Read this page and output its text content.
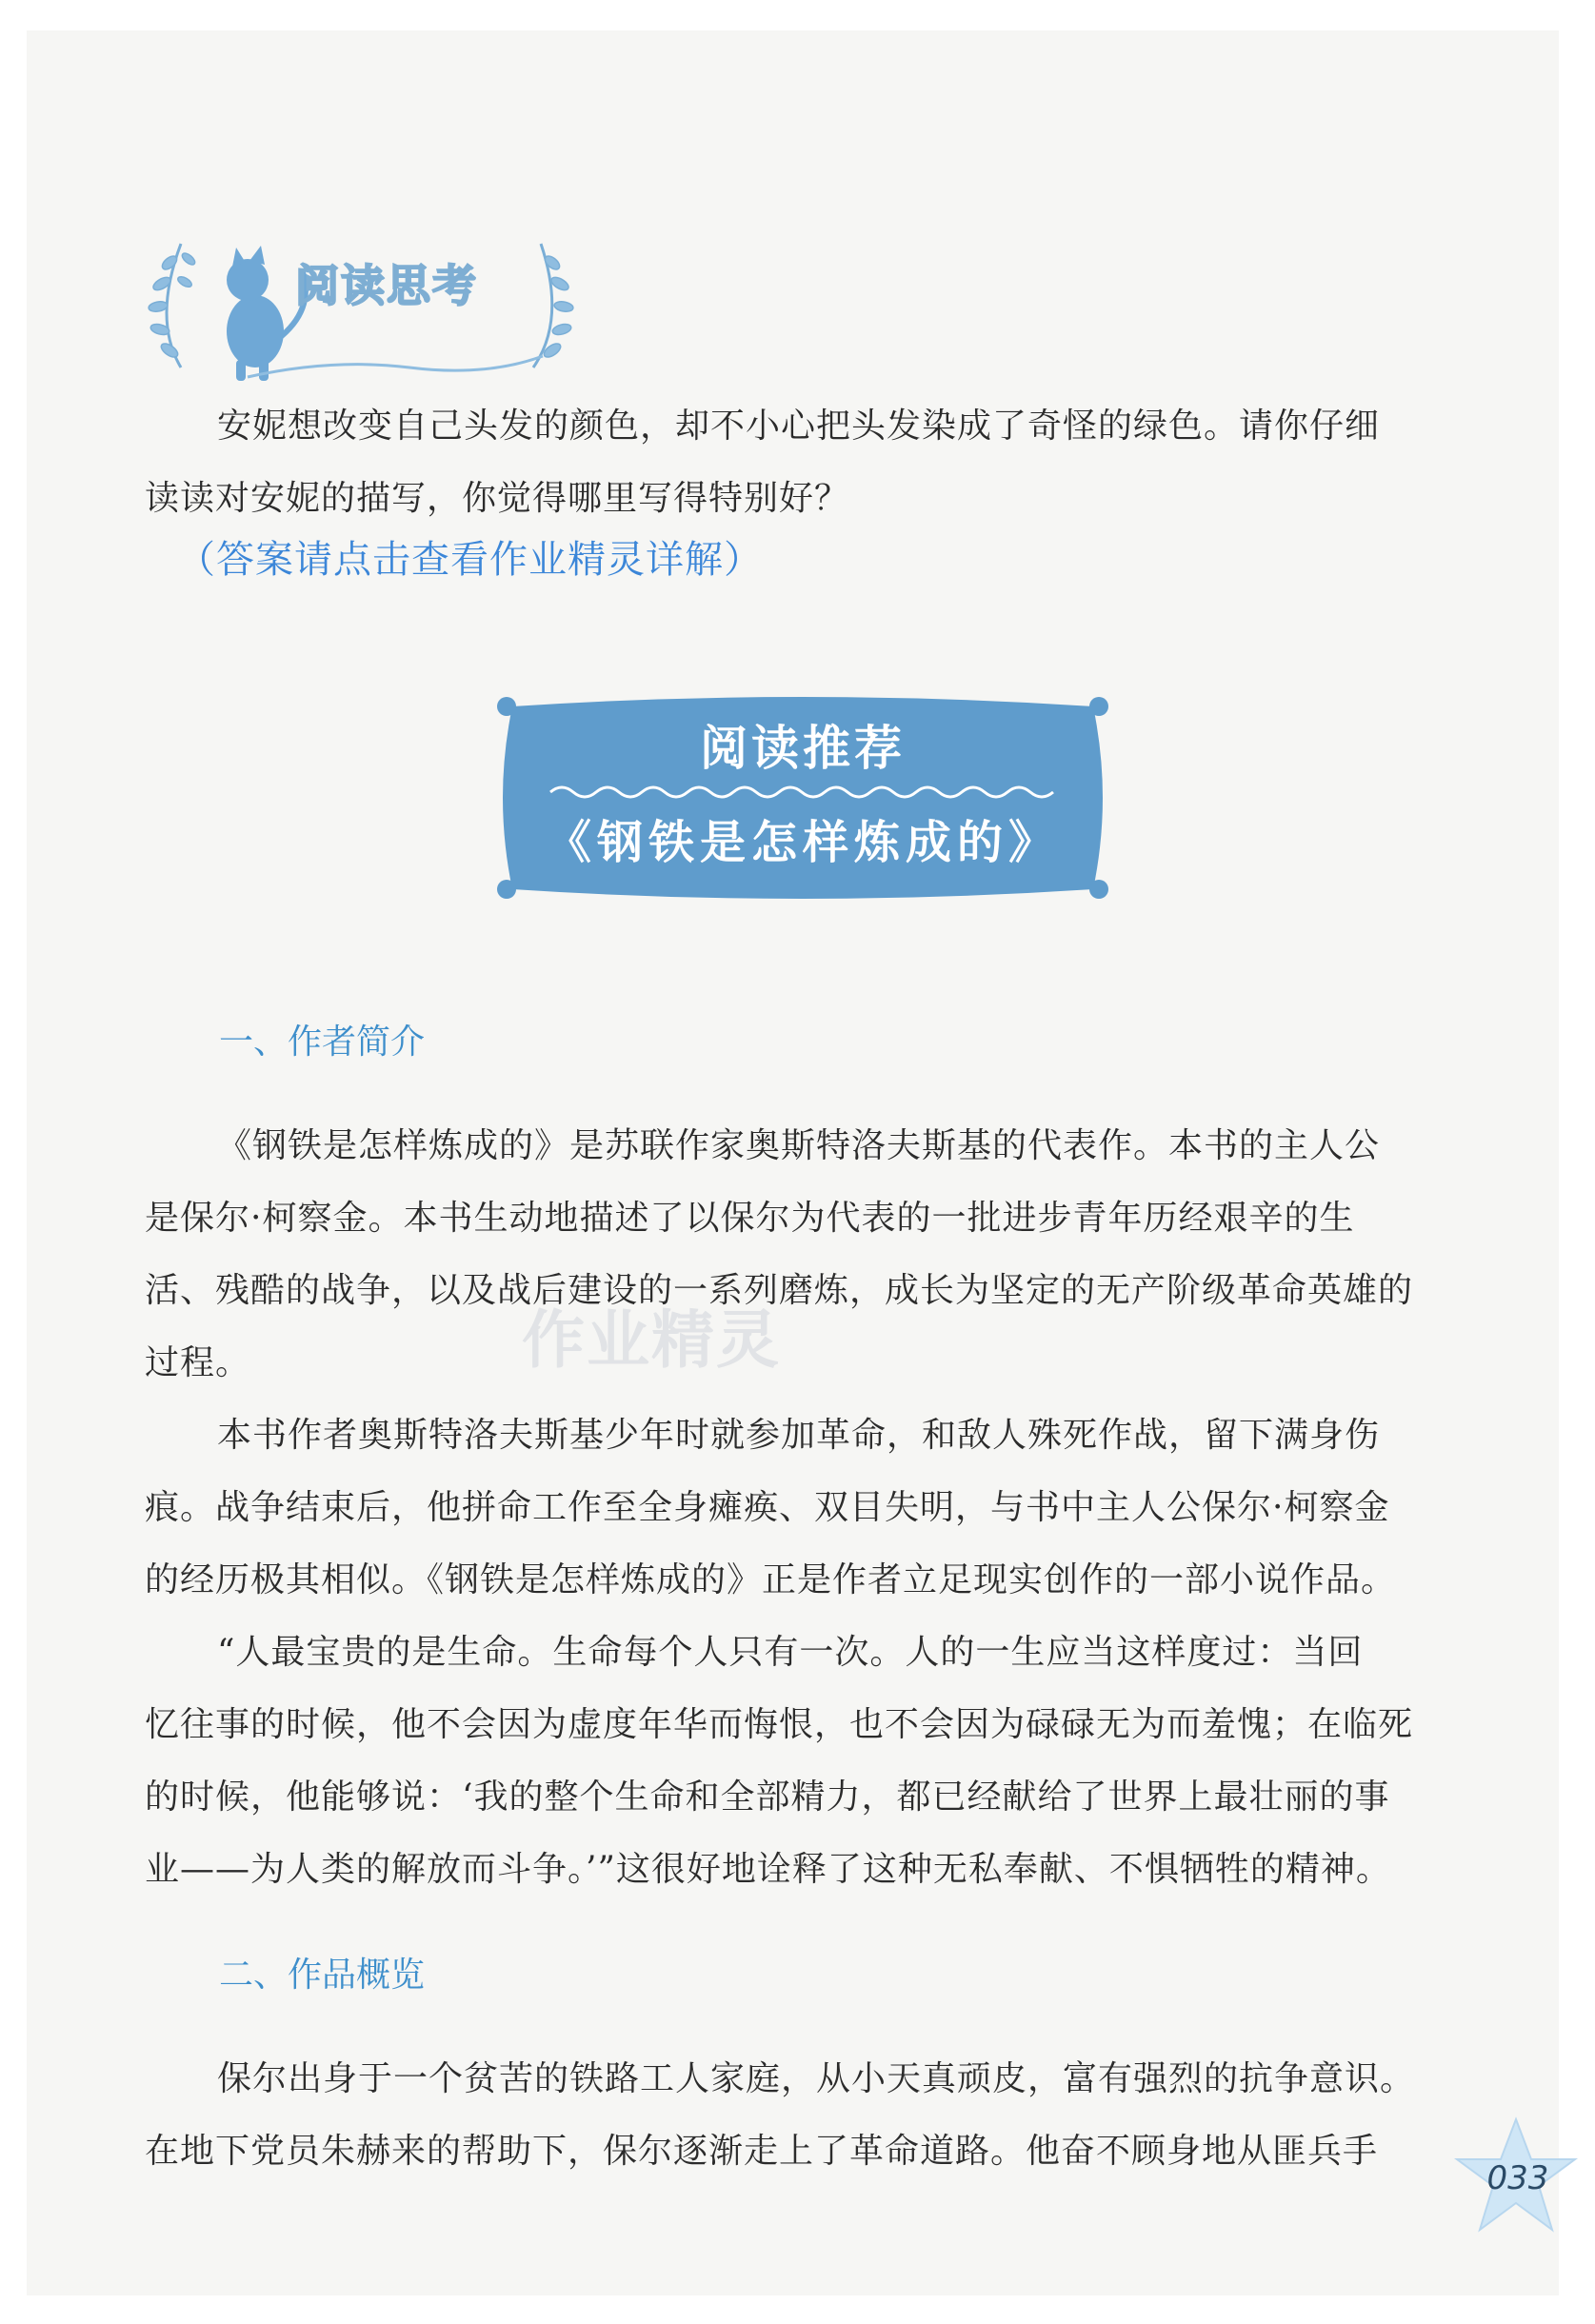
阅读思考
安妮想改变自己头发的颜色，却不小心把头发染成了奇怪的绿色。请你仔细
读读对安妮的描写，你觉得哪里写得特别好？
（答案请点击查看作业精灵详解）
阅读推荐
《钢铁是怎样炼成的》
一、作者简介
《钢铁是怎样炼成的》是苏联作家奥斯特洛夫斯基的代表作。本书的主人公
是保尔·柯察金。本书生动地描述了以保尔为代表的一批进步青年历经艰辛的生
活、残酷的战争，以及战后建设的一系列磨炼，成长为坚定的无产阶级革命英雄的
过程。
本书作者奥斯特洛夫斯基少年时就参加革命，和敌人殊死作战，留下满身伤
痕。战争结束后，他拼命工作至全身瘫痪、双目失明，与书中主人公保尔·柯察金
的经历极其相似。《钢铁是怎样炼成的》正是作者立足现实创作的一部小说作品。
“人最宝贵的是生命。生命每个人只有一次。人的一生应当这样度过：当回
忆往事的时候，他不会因为虚度年华而悔恨，也不会因为碌碌无为而羞愧；在临死
的时候，他能够说：‘我的整个生命和全部精力，都已经献给了世界上最壮丽的事
业——为人类的解放而斗争。’”这很好地诠释了这种无私奉献、不惧牺牲的精神。
作业精灵
二、作品概览
保尔出身于一个贫苦的铁路工人家庭，从小天真顽皮，富有强烈的抗争意识。
在地下党员朱赫来的帮助下，保尔逐渐走上了革命道路。他奋不顾身地从匪兵手
033
